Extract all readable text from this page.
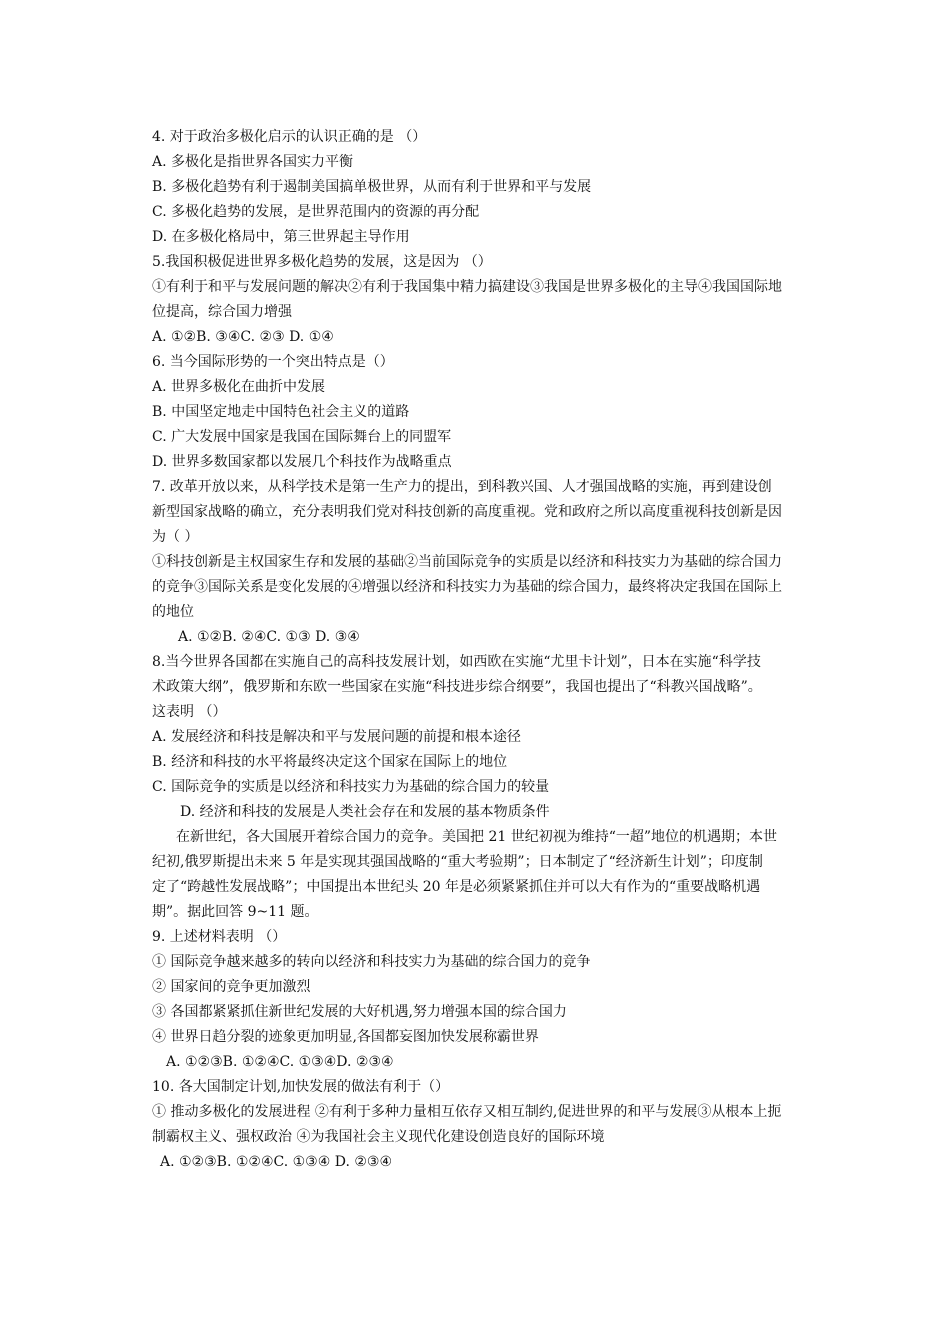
4. 对于政治多极化启示的认识正确的是 （）
A. 多极化是指世界各国实力平衡
B. 多极化趋势有利于遏制美国搞单极世界，从而有利于世界和平与发展
C. 多极化趋势的发展，是世界范围内的资源的再分配
D. 在多极化格局中，第三世界起主导作用
5.我国积极促进世界多极化趋势的发展，这是因为 （）
①有利于和平与发展问题的解决②有利于我国集中精力搞建设③我国是世界多极化的主导④我国国际地
位提高，综合国力增强
A. ①②B. ③④C. ②③ D. ①④
6. 当今国际形势的一个突出特点是（）
A. 世界多极化在曲折中发展
B. 中国坚定地走中国特色社会主义的道路
C. 广大发展中国家是我国在国际舞台上的同盟军
D. 世界多数国家都以发展几个科技作为战略重点
7. 改革开放以来，从科学技术是第一生产力的提出，到科教兴国、人才强国战略的实施，再到建设创
新型国家战略的确立，充分表明我们党对科技创新的高度重视。党和政府之所以高度重视科技创新是因
为（ ）
①科技创新是主权国家生存和发展的基础②当前国际竞争的实质是以经济和科技实力为基础的综合国力
的竞争③国际关系是变化发展的④增强以经济和科技实力为基础的综合国力，最终将决定我国在国际上
的地位
A. ①②B. ②④C. ①③ D. ③④
8.当今世界各国都在实施自己的高科技发展计划，如西欧在实施“尤里卡计划”，日本在实施“科学技
术政策大纲”，俄罗斯和东欧一些国家在实施“科技进步综合纲要”，我国也提出了“科教兴国战略”。
这表明 （）
A. 发展经济和科技是解决和平与发展问题的前提和根本途径
B. 经济和科技的水平将最终决定这个国家在国际上的地位
C. 国际竞争的实质是以经济和科技实力为基础的综合国力的较量
D. 经济和科技的发展是人类社会存在和发展的基本物质条件
在新世纪，各大国展开着综合国力的竞争。美国把 21 世纪初视为维持“一超”地位的机遇期；本世
纪初,俄罗斯提出未来 5 年是实现其强国战略的“重大考验期”；日本制定了“经济新生计划”；印度制
定了“跨越性发展战略”；中国提出本世纪头 20 年是必须紧紧抓住并可以大有作为的“重要战略机遇
期”。据此回答 9~11 题。
9. 上述材料表明 （）
① 国际竞争越来越多的转向以经济和科技实力为基础的综合国力的竞争
② 国家间的竞争更加激烈
③ 各国都紧紧抓住新世纪发展的大好机遇,努力增强本国的综合国力
④ 世界日趋分裂的迹象更加明显,各国都妄图加快发展称霸世界
A. ①②③B. ①②④C. ①③④D. ②③④
10. 各大国制定计划,加快发展的做法有利于（）
① 推动多极化的发展进程 ②有利于多种力量相互依存又相互制约,促进世界的和平与发展③从根本上扼
制霸权主义、强权政治 ④为我国社会主义现代化建设创造良好的国际环境
A. ①②③B. ①②④C. ①③④ D. ②③④
